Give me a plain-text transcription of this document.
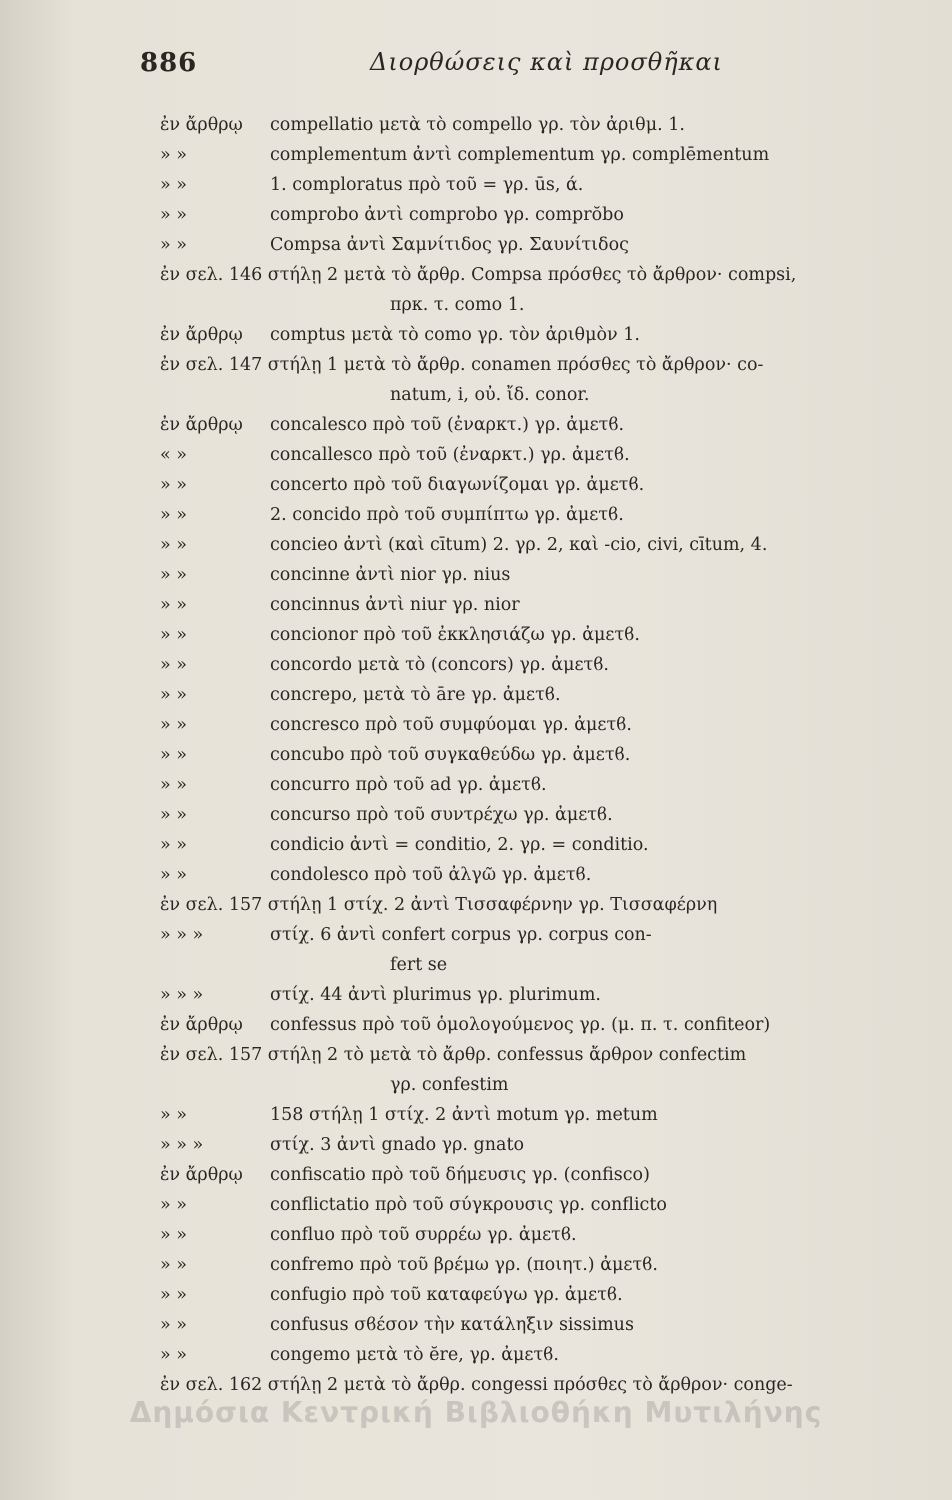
886	Διορθώσεις καὶ προσθῆκαι
ἐν ἄρθρῳ	compellatio μετὰ τὸ compello γρ. τὸν ἀριθμ. 1.
» »	complementum ἀντὶ complementum γρ. complēmentum
» »	1. comploratus πρὸ τοῦ = γρ. ūs, ά.
» »	comprobo ἀντὶ comprobo γρ. comprŏbo
» »	Compsa ἀντὶ Σαμνίτιδος γρ. Σαυνίτιδος
ἐν σελ. 146 στήλῃ 2 μετὰ τὸ ἄρθρ. Compsa πρόσθες τὸ ἄρθρον· compsi,
πρκ. τ. como 1.
ἐν ἄρθρῳ	comptus μετὰ τὸ como γρ. τὸν ἀριθμὸν 1.
ἐν σελ. 147 στήλῃ 1 μετὰ τὸ ἄρθρ. conamen πρόσθες τὸ ἄρθρον· co-
natum, i, οὐ. ἴδ. conor.
ἐν ἄρθρῳ	concalesco πρὸ τοῦ (ἐναρκτ.) γρ. ἀμετϐ.
« »	concallesco πρὸ τοῦ (ἐναρκτ.) γρ. ἀμετϐ.
» »	concerto πρὸ τοῦ διαγωνίζομαι γρ. ἀμετϐ.
» »	2. concido πρὸ τοῦ συμπίπτω γρ. ἀμετϐ.
» »	concieo ἀντὶ (καὶ cītum) 2. γρ. 2, καὶ -cio, civi, cītum, 4.
» »	concinne ἀντὶ nior γρ. nius
» »	concinnus ἀντὶ niur γρ. nior
» »	concionor πρὸ τοῦ ἐκκλησιάζω γρ. ἀμετϐ.
» »	concordo μετὰ τὸ (concors) γρ. ἀμετϐ.
» »	concrepo, μετὰ τὸ āre γρ. ἀμετϐ.
» »	concresco πρὸ τοῦ συμφύομαι γρ. ἀμετϐ.
» »	concubo πρὸ τοῦ συγκαθεύδω γρ. ἀμετϐ.
» »	concurro πρὸ τοῦ ad γρ. ἀμετϐ.
» »	concurso πρὸ τοῦ συντρέχω γρ. ἀμετϐ.
» »	condicio ἀντὶ = conditio, 2. γρ. = conditio.
» »	condolesco πρὸ τοῦ ἀλγῶ γρ. ἀμετϐ.
ἐν σελ. 157 στήλῃ 1 στίχ. 2 ἀντὶ Τισσαφέρνην γρ. Τισσαφέρνη
» » »	στίχ. 6 ἀντὶ confert corpus γρ. corpus con-
fert se
» » »	στίχ. 44 ἀντὶ plurimus γρ. plurimum.
ἐν ἄρθρῳ	confessus πρὸ τοῦ ὁμολογούμενος γρ. (μ. π. τ. confiteor)
ἐν σελ. 157 στήλῃ 2 τὸ μετὰ τὸ ἄρθρ. confessus ἄρθρον confectim
γρ. confestim
» »	158 στήλῃ 1 στίχ. 2 ἀντὶ motum γρ. metum
» » »	στίχ. 3 ἀντὶ gnado γρ. gnato
ἐν ἄρθρῳ	confiscatio πρὸ τοῦ δήμευσις γρ. (confisco)
» »	conflictatio πρὸ τοῦ σύγκρουσις γρ. conflicto
» »	confluo πρὸ τοῦ συρρέω γρ. ἀμετϐ.
» »	confremo πρὸ τοῦ βρέμω γρ. (ποιητ.) ἀμετϐ.
» »	confugio πρὸ τοῦ καταφεύγω γρ. ἀμετϐ.
» »	confusus σϐέσον τὴν κατάληξιν sissimus
» »	congemo μετὰ τὸ ĕre, γρ. ἀμετϐ.
ἐν σελ. 162 στήλῃ 2 μετὰ τὸ ἄρθρ. congessi πρόσθες τὸ ἄρθρον· conge-
Δημόσια Κεντρική Βιβλιοθήκη Μυτιλήνης
